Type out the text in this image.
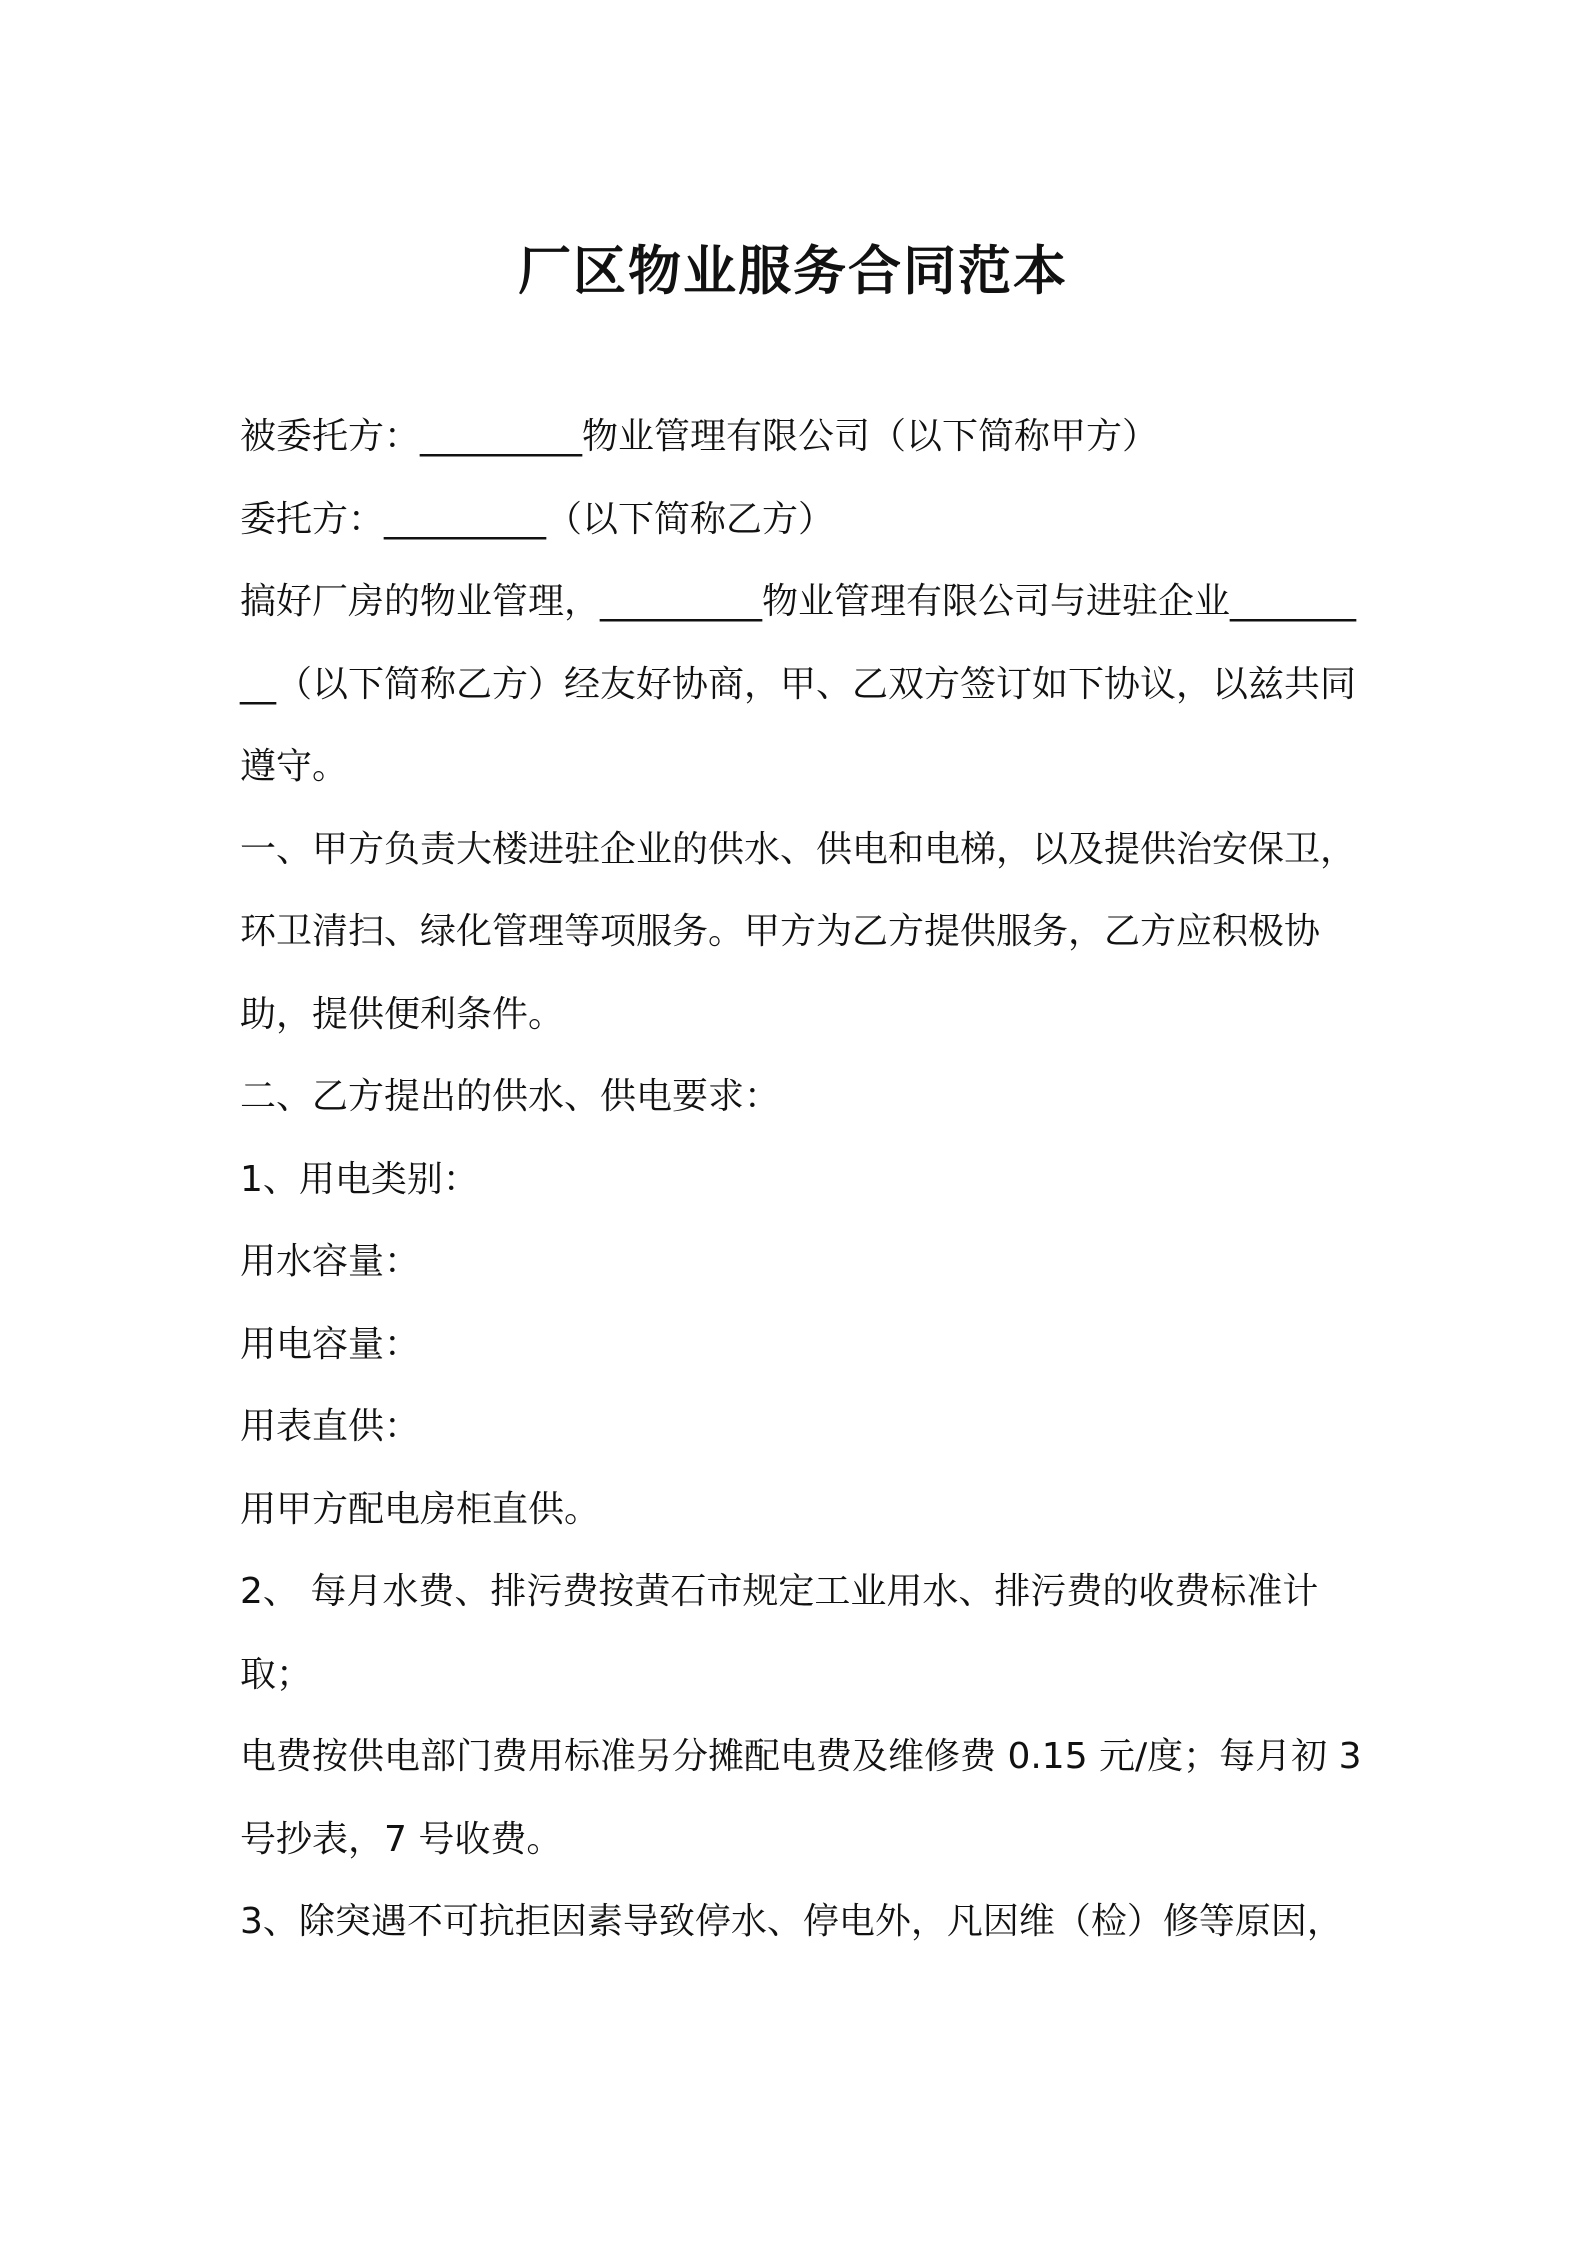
厂区物业服务合同范本

被委托方：_________物业管理有限公司（以下简称甲方）

委托方：_________（以下简称乙方）

搞好厂房的物业管理，_________物业管理有限公司与进驻企业_________（以下简称乙方）经友好协商，甲、乙双方签订如下协议，以兹共同遵守。

一、甲方负责大楼进驻企业的供水、供电和电梯，以及提供治安保卫，环卫清扫、绿化管理等项服务。甲方为乙方提供服务，乙方应积极协助，提供便利条件。

二、乙方提出的供水、供电要求：

1、用电类别：

用水容量：

用电容量：

用表直供：

用甲方配电房柜直供。

2、 每月水费、排污费按黄石市规定工业用水、排污费的收费标准计取；

电费按供电部门费用标准另分摊配电费及维修费 0.15 元/度；每月初 3 号抄表，7 号收费。

3、除突遇不可抗拒因素导致停水、停电外，凡因维（检）修等原因，
